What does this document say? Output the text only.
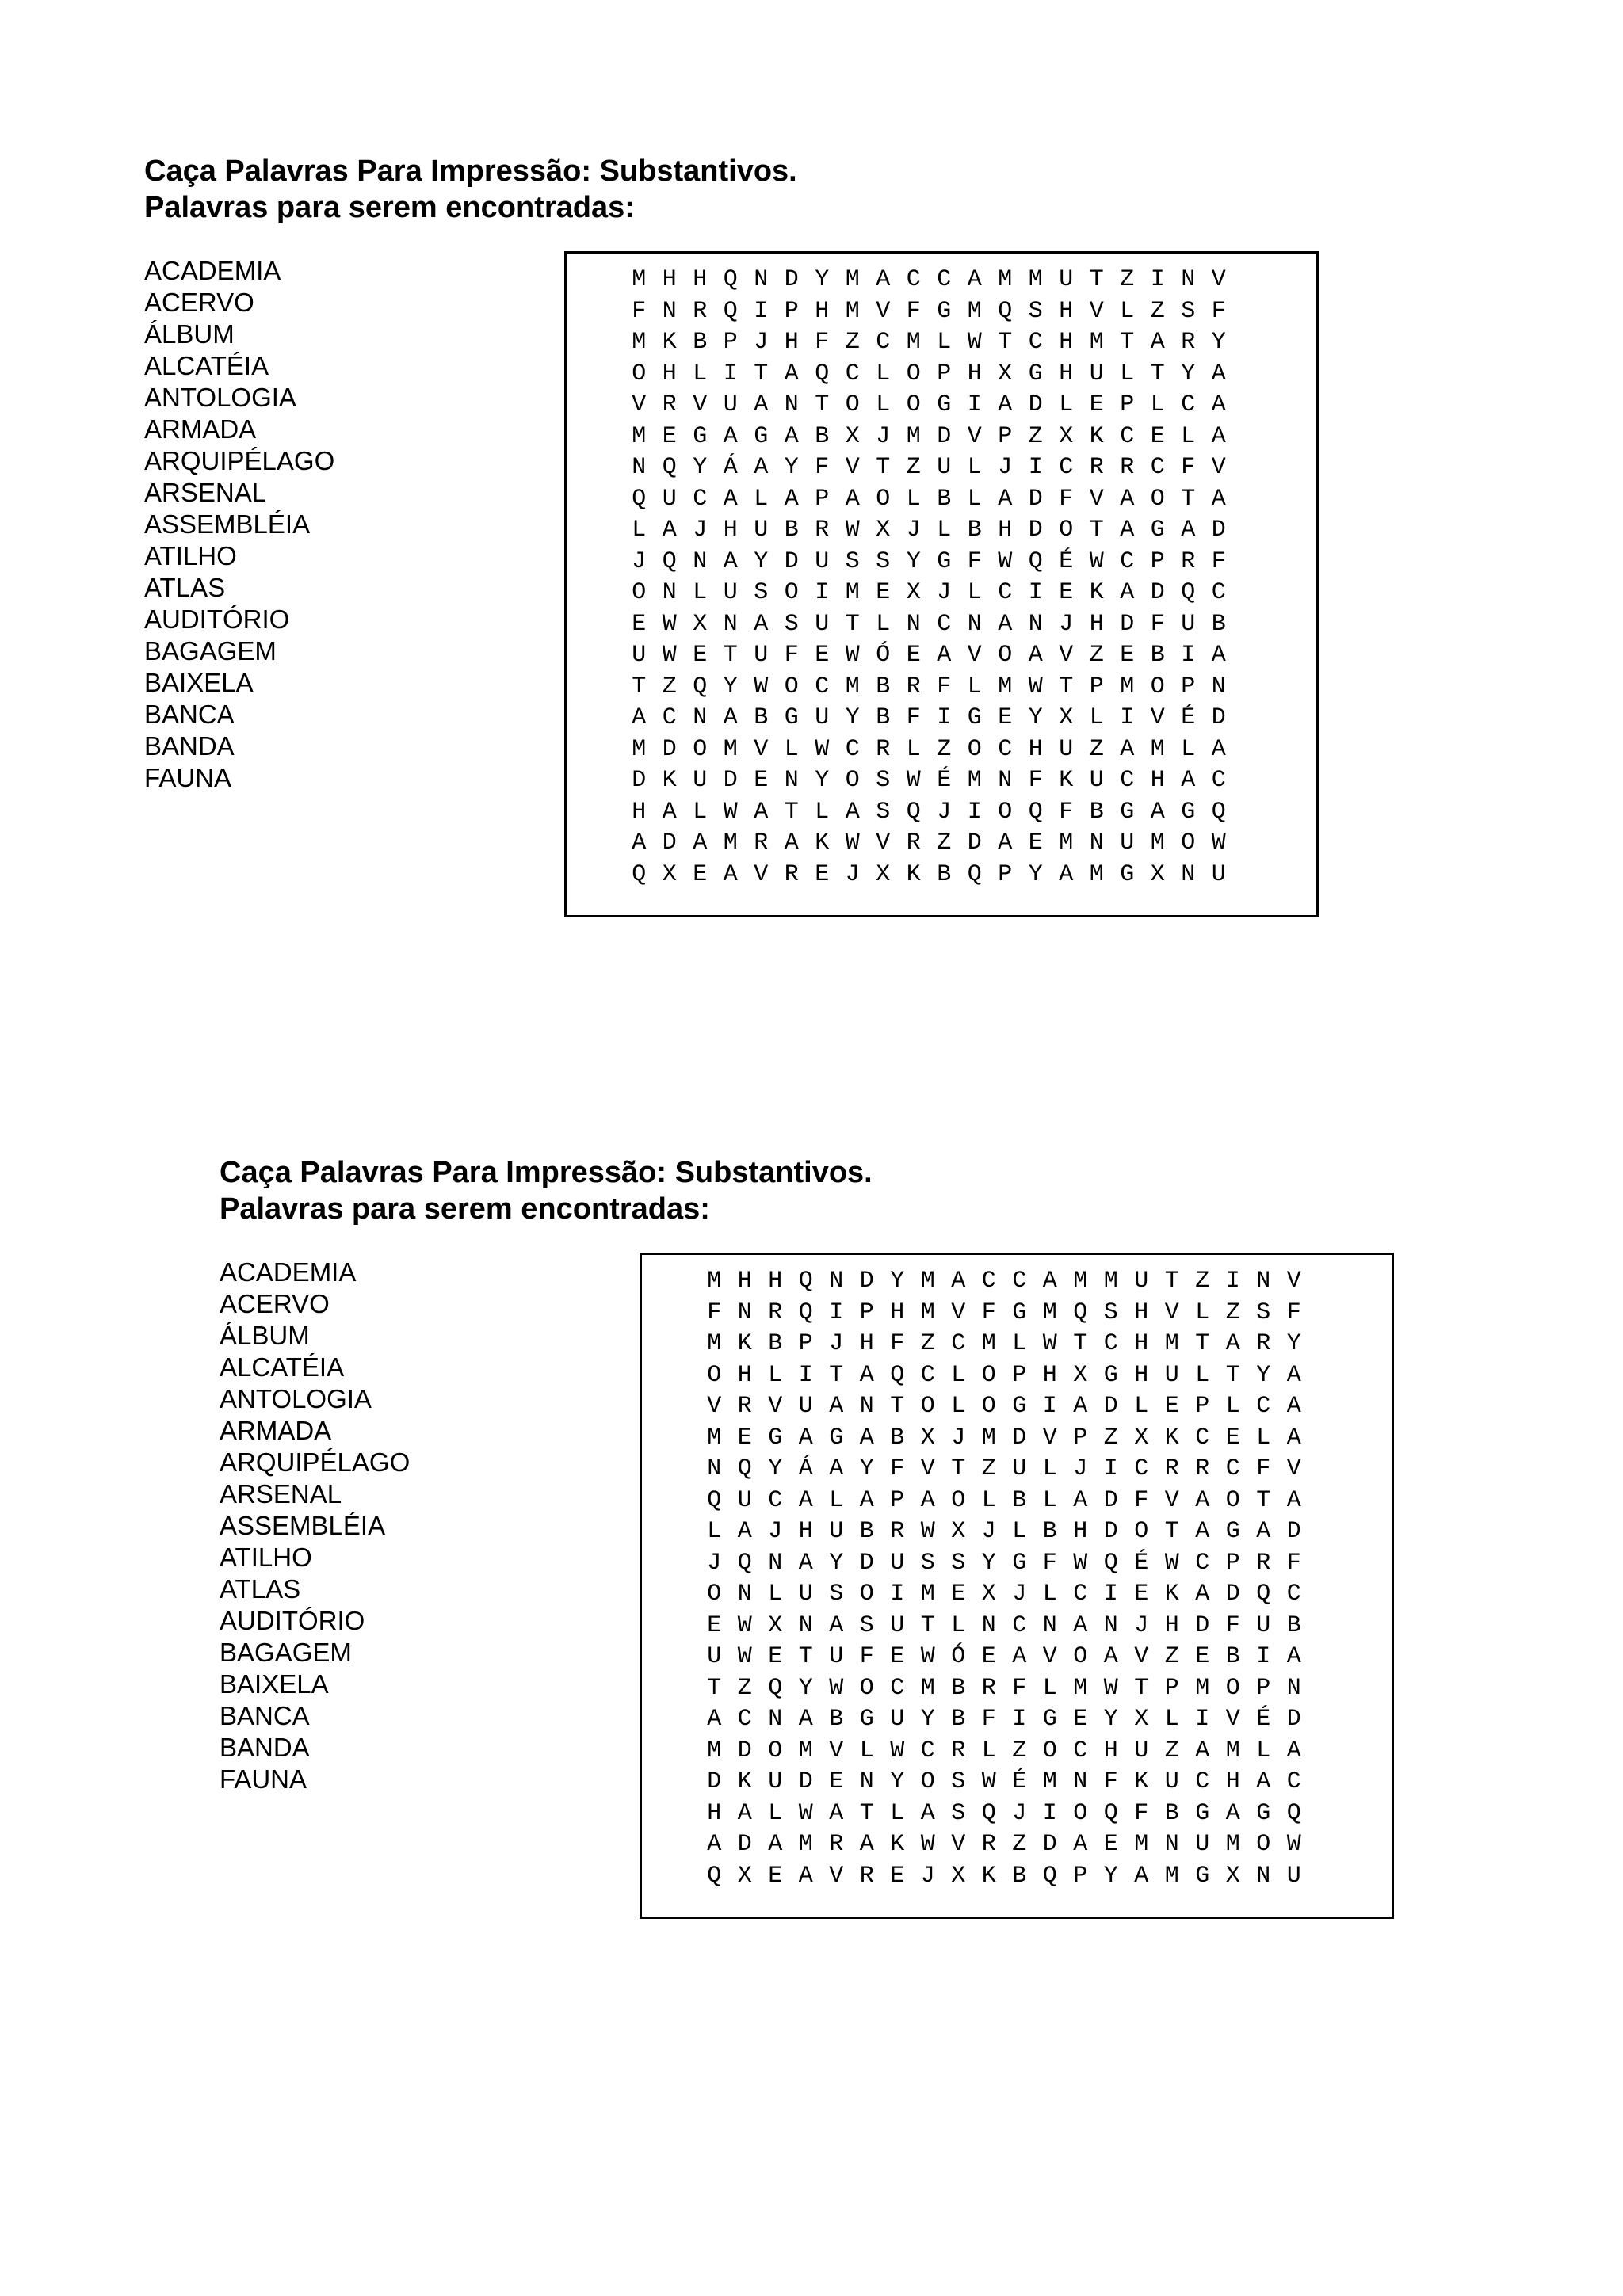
Caça Palavras Para Impressão: Substantivos.
Palavras para serem encontradas:
ACADEMIA
ACERVO
ÁLBUM
ALCATÉIA
ANTOLOGIA
ARMADA
ARQUIPÉLAGO
ARSENAL
ASSEMBLÉIA
ATILHO
ATLAS
AUDITÓRIO
BAGAGEM
BAIXELA
BANCA
BANDA
FAUNA
M H H Q N D Y M A C C A M M U T Z I N V
F N R Q I P H M V F G M Q S H V L Z S F
M K B P J H F Z C M L W T C H M T A R Y
O H L I T A Q C L O P H X G H U L T Y A
V R V U A N T O L O G I A D L E P L C A
M E G A G A B X J M D V P Z X K C E L A
N Q Y Á A Y F V T Z U L J I C R R C F V
Q U C A L A P A O L B L A D F V A O T A
L A J H U B R W X J L B H D O T A G A D
J Q N A Y D U S S Y G F W Q É W C P R F
O N L U S O I M E X J L C I E K A D Q C
E W X N A S U T L N C N A N J H D F U B
U W E T U F E W Ó E A V O A V Z E B I A
T Z Q Y W O C M B R F L M W T P M O P N
A C N A B G U Y B F I G E Y X L I V É D
M D O M V L W C R L Z O C H U Z A M L A
D K U D E N Y O S W É M N F K U C H A C
H A L W A T L A S Q J I O Q F B G A G Q
A D A M R A K W V R Z D A E M N U M O W
Q X E A V R E J X K B Q P Y A M G X N U
Caça Palavras Para Impressão: Substantivos.
Palavras para serem encontradas:
ACADEMIA
ACERVO
ÁLBUM
ALCATÉIA
ANTOLOGIA
ARMADA
ARQUIPÉLAGO
ARSENAL
ASSEMBLÉIA
ATILHO
ATLAS
AUDITÓRIO
BAGAGEM
BAIXELA
BANCA
BANDA
FAUNA
M H H Q N D Y M A C C A M M U T Z I N V
F N R Q I P H M V F G M Q S H V L Z S F
M K B P J H F Z C M L W T C H M T A R Y
O H L I T A Q C L O P H X G H U L T Y A
V R V U A N T O L O G I A D L E P L C A
M E G A G A B X J M D V P Z X K C E L A
N Q Y Á A Y F V T Z U L J I C R R C F V
Q U C A L A P A O L B L A D F V A O T A
L A J H U B R W X J L B H D O T A G A D
J Q N A Y D U S S Y G F W Q É W C P R F
O N L U S O I M E X J L C I E K A D Q C
E W X N A S U T L N C N A N J H D F U B
U W E T U F E W Ó E A V O A V Z E B I A
T Z Q Y W O C M B R F L M W T P M O P N
A C N A B G U Y B F I G E Y X L I V É D
M D O M V L W C R L Z O C H U Z A M L A
D K U D E N Y O S W É M N F K U C H A C
H A L W A T L A S Q J I O Q F B G A G Q
A D A M R A K W V R Z D A E M N U M O W
Q X E A V R E J X K B Q P Y A M G X N U
